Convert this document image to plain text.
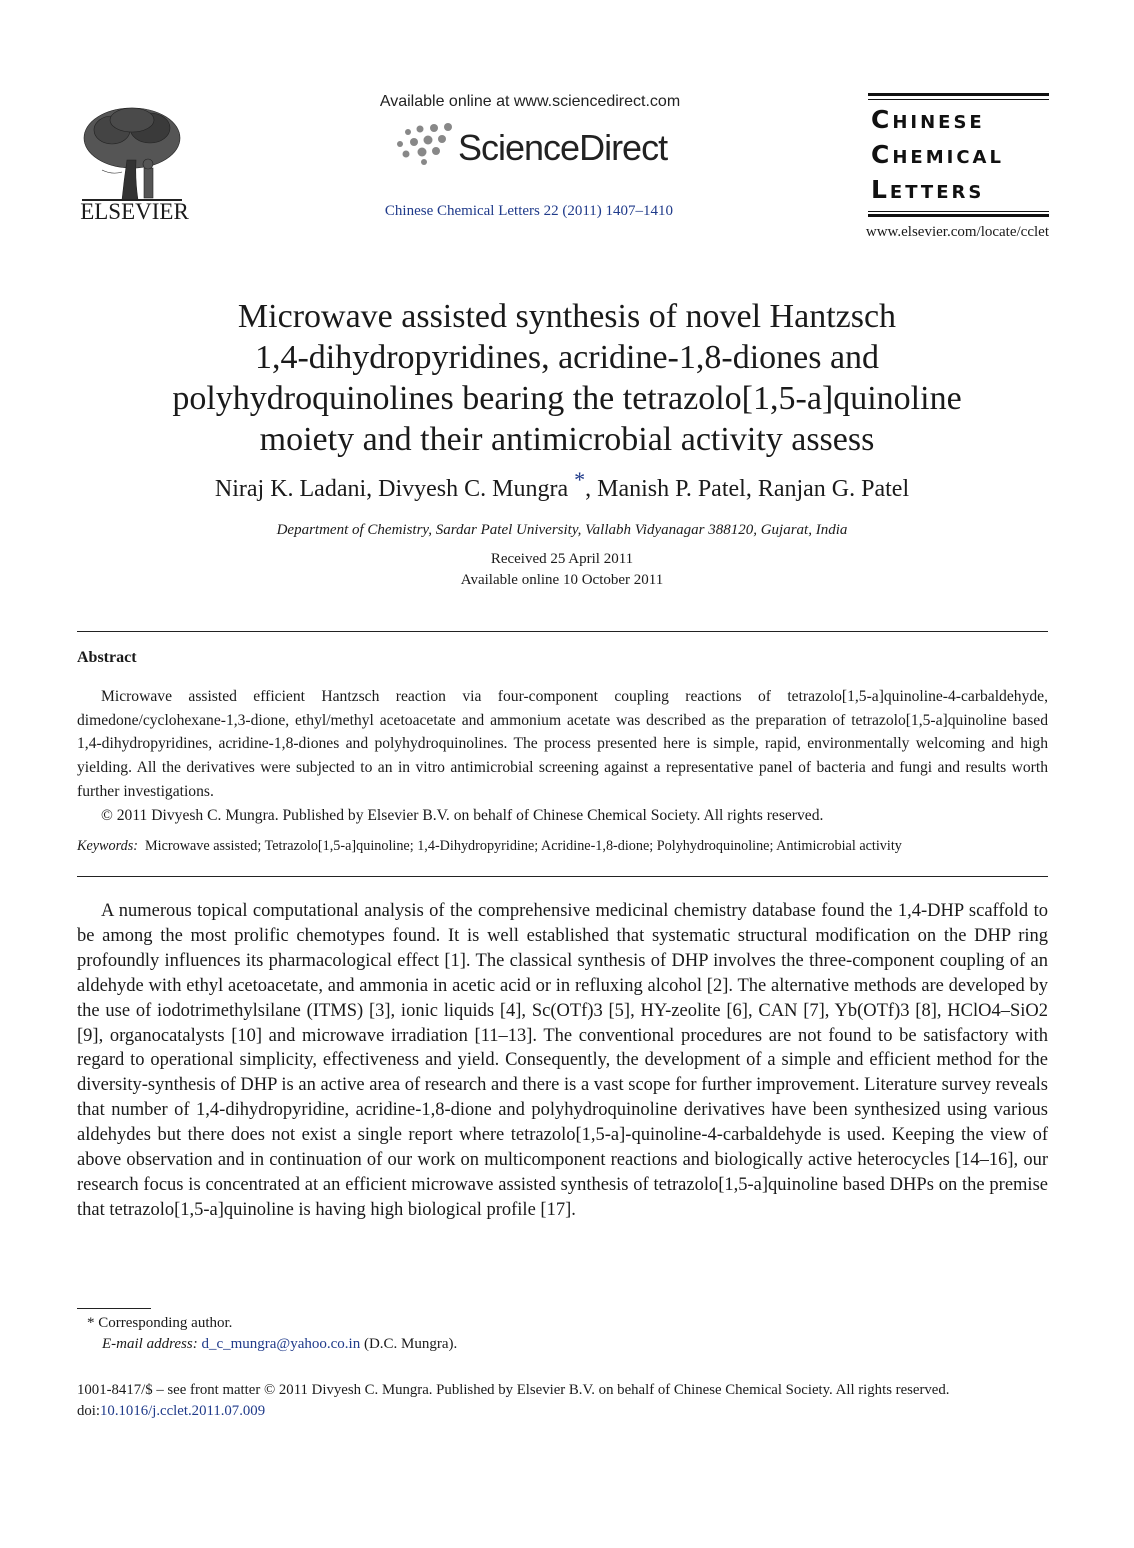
ELSEVIER
Available online at www.sciencedirect.com
ScienceDirect
Chinese Chemical Letters 22 (2011) 1407–1410
Chinese
Chemical
Letters
www.elsevier.com/locate/cclet
Microwave assisted synthesis of novel Hantzsch
1,4-dihydropyridines, acridine-1,8-diones and
polyhydroquinolines bearing the tetrazolo[1,5-a]quinoline
moiety and their antimicrobial activity assess
Niraj K. Ladani, Divyesh C. Mungra *, Manish P. Patel, Ranjan G. Patel
Department of Chemistry, Sardar Patel University, Vallabh Vidyanagar 388120, Gujarat, India
Received 25 April 2011
Available online 10 October 2011
Abstract

Microwave assisted efficient Hantzsch reaction via four-component coupling reactions of tetrazolo[1,5-a]quinoline-4-carbaldehyde, dimedone/cyclohexane-1,3-dione, ethyl/methyl acetoacetate and ammonium acetate was described as the preparation of tetrazolo[1,5-a]quinoline based 1,4-dihydropyridines, acridine-1,8-diones and polyhydroquinolines. The process presented here is simple, rapid, environmentally welcoming and high yielding. All the derivatives were subjected to an in vitro antimicrobial screening against a representative panel of bacteria and fungi and results worth further investigations.

© 2011 Divyesh C. Mungra. Published by Elsevier B.V. on behalf of Chinese Chemical Society. All rights reserved.

Keywords: Microwave assisted; Tetrazolo[1,5-a]quinoline; 1,4-Dihydropyridine; Acridine-1,8-dione; Polyhydroquinoline; Antimicrobial activity

A numerous topical computational analysis of the comprehensive medicinal chemistry database found the 1,4-DHP scaffold to be among the most prolific chemotypes found. It is well established that systematic structural modification on the DHP ring profoundly influences its pharmacological effect [1]. The classical synthesis of DHP involves the three-component coupling of an aldehyde with ethyl acetoacetate, and ammonia in acetic acid or in refluxing alcohol [2]. The alternative methods are developed by the use of iodotrimethylsilane (ITMS) [3], ionic liquids [4], Sc(OTf)3 [5], HY-zeolite [6], CAN [7], Yb(OTf)3 [8], HClO4–SiO2 [9], organocatalysts [10] and microwave irradiation [11–13]. The conventional procedures are not found to be satisfactory with regard to operational simplicity, effectiveness and yield. Consequently, the development of a simple and efficient method for the diversity-synthesis of DHP is an active area of research and there is a vast scope for further improvement. Literature survey reveals that number of 1,4-dihydropyridine, acridine-1,8-dione and polyhydroquinoline derivatives have been synthesized using various aldehydes but there does not exist a single report where tetrazolo[1,5-a]-quinoline-4-carbaldehyde is used. Keeping the view of above observation and in continuation of our work on multicomponent reactions and biologically active heterocycles [14–16], our research focus is concentrated at an efficient microwave assisted synthesis of tetrazolo[1,5-a]quinoline based DHPs on the premise that tetrazolo[1,5-a]quinoline is having high biological profile [17].

* Corresponding author.
E-mail address: d_c_mungra@yahoo.co.in (D.C. Mungra).
1001-8417/$ – see front matter © 2011 Divyesh C. Mungra. Published by Elsevier B.V. on behalf of Chinese Chemical Society. All rights reserved.
doi:10.1016/j.cclet.2011.07.009
